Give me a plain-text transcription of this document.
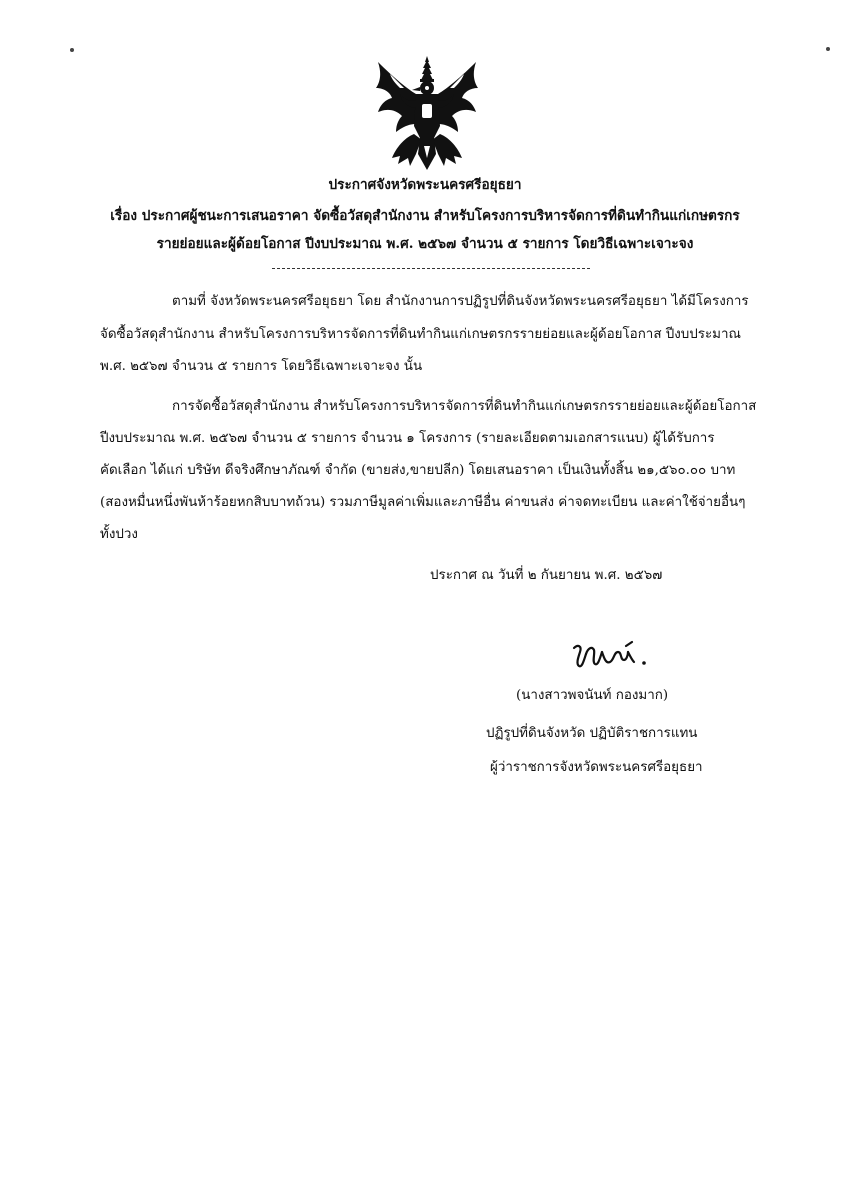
ประกาศจังหวัดพระนครศรีอยุธยา
เรื่อง ประกาศผู้ชนะการเสนอราคา จัดซื้อวัสดุสำนักงาน สำหรับโครงการบริหารจัดการที่ดินทำกินแก่เกษตรกร
รายย่อยและผู้ด้อยโอกาส ปีงบประมาณ พ.ศ. ๒๕๖๗ จำนวน ๕ รายการ โดยวิธีเฉพาะเจาะจง
ตามที่ จังหวัดพระนครศรีอยุธยา โดย สำนักงานการปฏิรูปที่ดินจังหวัดพระนครศรีอยุธยา ได้มีโครงการ
จัดซื้อวัสดุสำนักงาน สำหรับโครงการบริหารจัดการที่ดินทำกินแก่เกษตรกรรายย่อยและผู้ด้อยโอกาส ปีงบประมาณ
พ.ศ. ๒๕๖๗ จำนวน ๕ รายการ โดยวิธีเฉพาะเจาะจง นั้น
การจัดซื้อวัสดุสำนักงาน สำหรับโครงการบริหารจัดการที่ดินทำกินแก่เกษตรกรรายย่อยและผู้ด้อยโอกาส
ปีงบประมาณ พ.ศ. ๒๕๖๗ จำนวน ๕ รายการ จำนวน ๑ โครงการ (รายละเอียดตามเอกสารแนบ) ผู้ได้รับการ
คัดเลือก ได้แก่ บริษัท ดีจริงศึกษาภัณฑ์ จำกัด (ขายส่ง,ขายปลีก) โดยเสนอราคา เป็นเงินทั้งสิ้น ๒๑,๕๖๐.๐๐ บาท
(สองหมื่นหนึ่งพันห้าร้อยหกสิบบาทถ้วน) รวมภาษีมูลค่าเพิ่มและภาษีอื่น ค่าขนส่ง ค่าจดทะเบียน และค่าใช้จ่ายอื่นๆ
ทั้งปวง
ประกาศ ณ วันที่ ๒ กันยายน พ.ศ. ๒๕๖๗
(นางสาวพจนันท์ กองมาก)
ปฏิรูปที่ดินจังหวัด ปฏิบัติราชการแทน
ผู้ว่าราชการจังหวัดพระนครศรีอยุธยา
